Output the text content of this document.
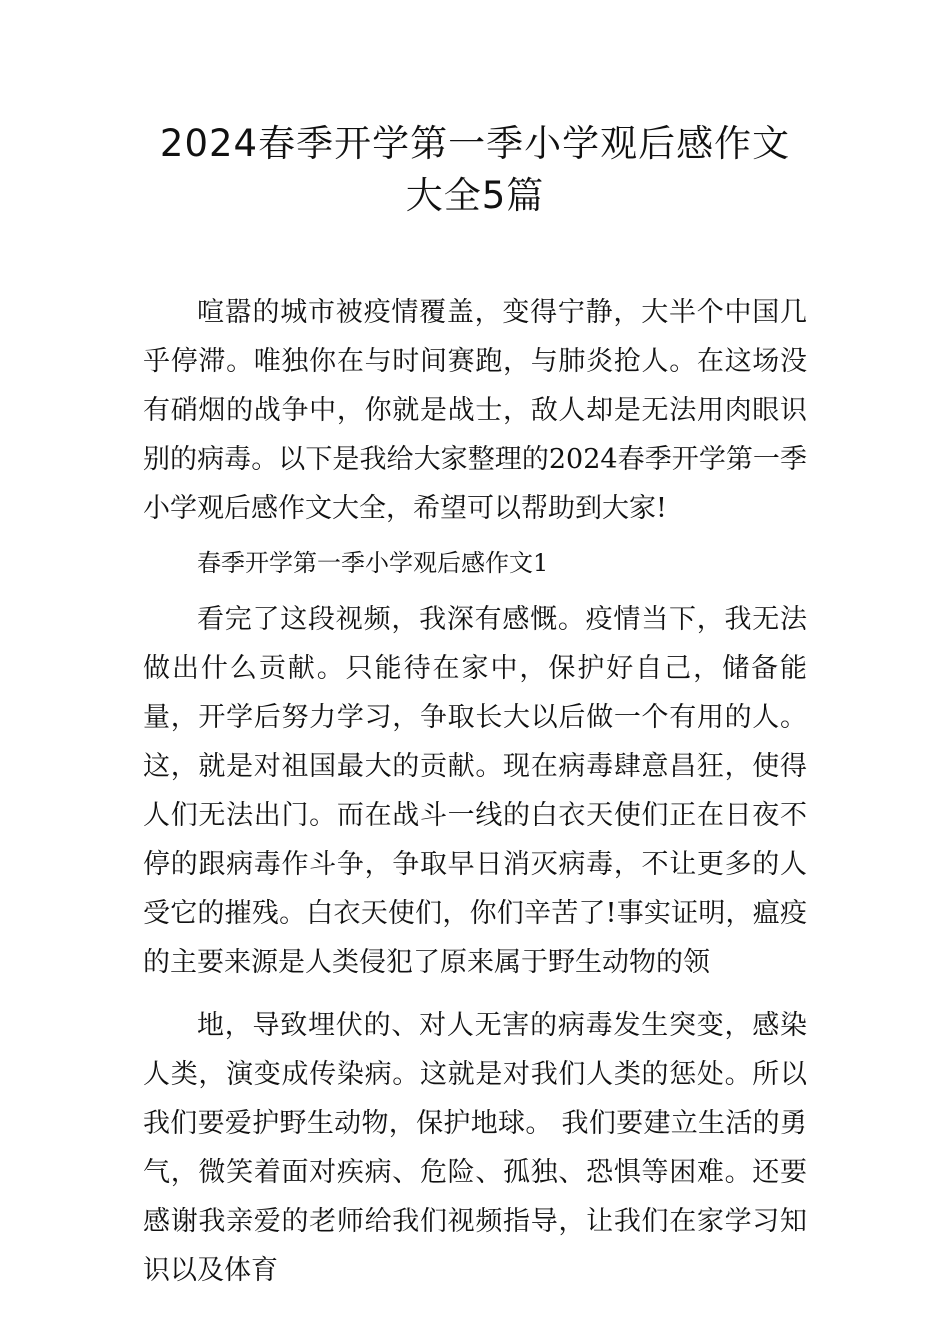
2024春季开学第一季小学观后感作文大全5篇

喧嚣的城市被疫情覆盖，变得宁静，大半个中国几乎停滞。唯独你在与时间赛跑，与肺炎抢人。在这场没有硝烟的战争中，你就是战士，敌人却是无法用肉眼识别的病毒。以下是我给大家整理的2024春季开学第一季小学观后感作文大全，希望可以帮助到大家!

春季开学第一季小学观后感作文1

看完了这段视频，我深有感慨。疫情当下，我无法做出什么贡献。只能待在家中，保护好自己，储备能量，开学后努力学习，争取长大以后做一个有用的人。这，就是对祖国最大的贡献。现在病毒肆意昌狂，使得人们无法出门。而在战斗一线的白衣天使们正在日夜不停的跟病毒作斗争，争取早日消灭病毒，不让更多的人受它的摧残。白衣天使们，你们辛苦了!事实证明，瘟疫的主要来源是人类侵犯了原来属于野生动物的领

地，导致埋伏的、对人无害的病毒发生突变，感染人类，演变成传染病。这就是对我们人类的惩处。所以我们要爱护野生动物，保护地球。 我们要建立生活的勇气，微笑着面对疾病、危险、孤独、恐惧等困难。还要感谢我亲爱的老师给我们视频指导，让我们在家学习知识以及体育
